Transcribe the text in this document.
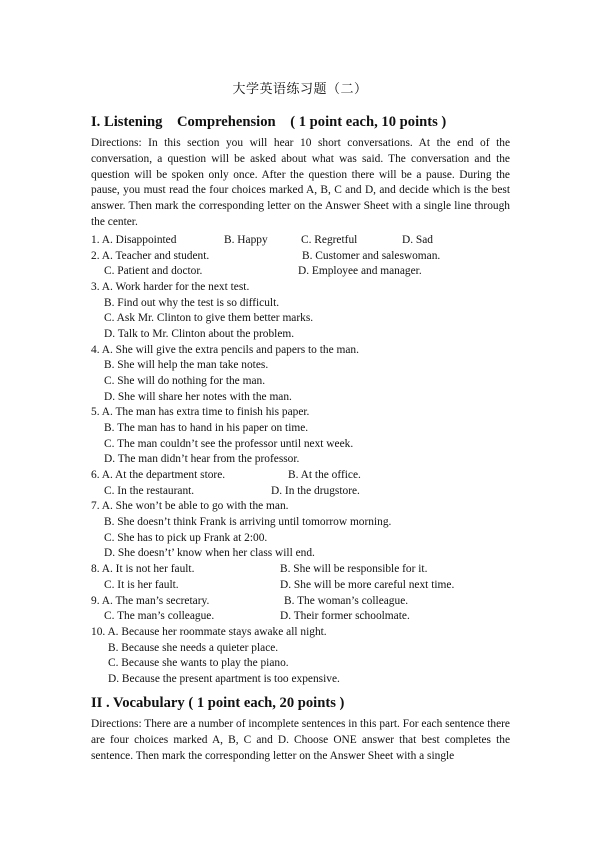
大学英语练习题（二）
I. Listening    Comprehension    ( 1 point each, 10 points )
Directions: In this section you will hear 10 short conversations. At the end of the conversation, a question will be asked about what was said. The conversation and the question will be spoken only once. After the question there will be a pause. During the pause, you must read the four choices marked A, B, C and D, and decide which is the best answer. Then mark the corresponding letter on the Answer Sheet with a single line through the center.
1. A. Disappointed	B. Happy	C. Regretful	D. Sad
2. A. Teacher and student.	B. Customer and saleswoman.
C. Patient and doctor.	D. Employee and manager.
3. A. Work harder for the next test.
B. Find out why the test is so difficult.
C. Ask Mr. Clinton to give them better marks.
D. Talk to Mr. Clinton about the problem.
4. A. She will give the extra pencils and papers to the man.
B. She will help the man take notes.
C. She will do nothing for the man.
D. She will share her notes with the man.
5. A. The man has extra time to finish his paper.
B. The man has to hand in his paper on time.
C. The man couldn’t see the professor until next week.
D. The man didn’t hear from the professor.
6. A. At the department store.	B. At the office.
C. In the restaurant.	D. In the drugstore.
7. A. She won’t be able to go with the man.
B. She doesn’t think Frank is arriving until tomorrow morning.
C. She has to pick up Frank at 2:00.
D. She doesn’t’ know when her class will end.
8. A. It is not her fault.	B. She will be responsible for it.
C. It is her fault.	D. She will be more careful next time.
9. A. The man’s secretary.	B. The woman’s colleague.
C. The man’s colleague.	D. Their former schoolmate.
10. A. Because her roommate stays awake all night.
B. Because she needs a quieter place.
C. Because she wants to play the piano.
D. Because the present apartment is too expensive.
II . Vocabulary ( 1 point each, 20 points )
Directions: There are a number of incomplete sentences in this part. For each sentence there are four choices marked A, B, C and D. Choose ONE answer that best completes the sentence. Then mark the corresponding letter on the Answer Sheet with a single
